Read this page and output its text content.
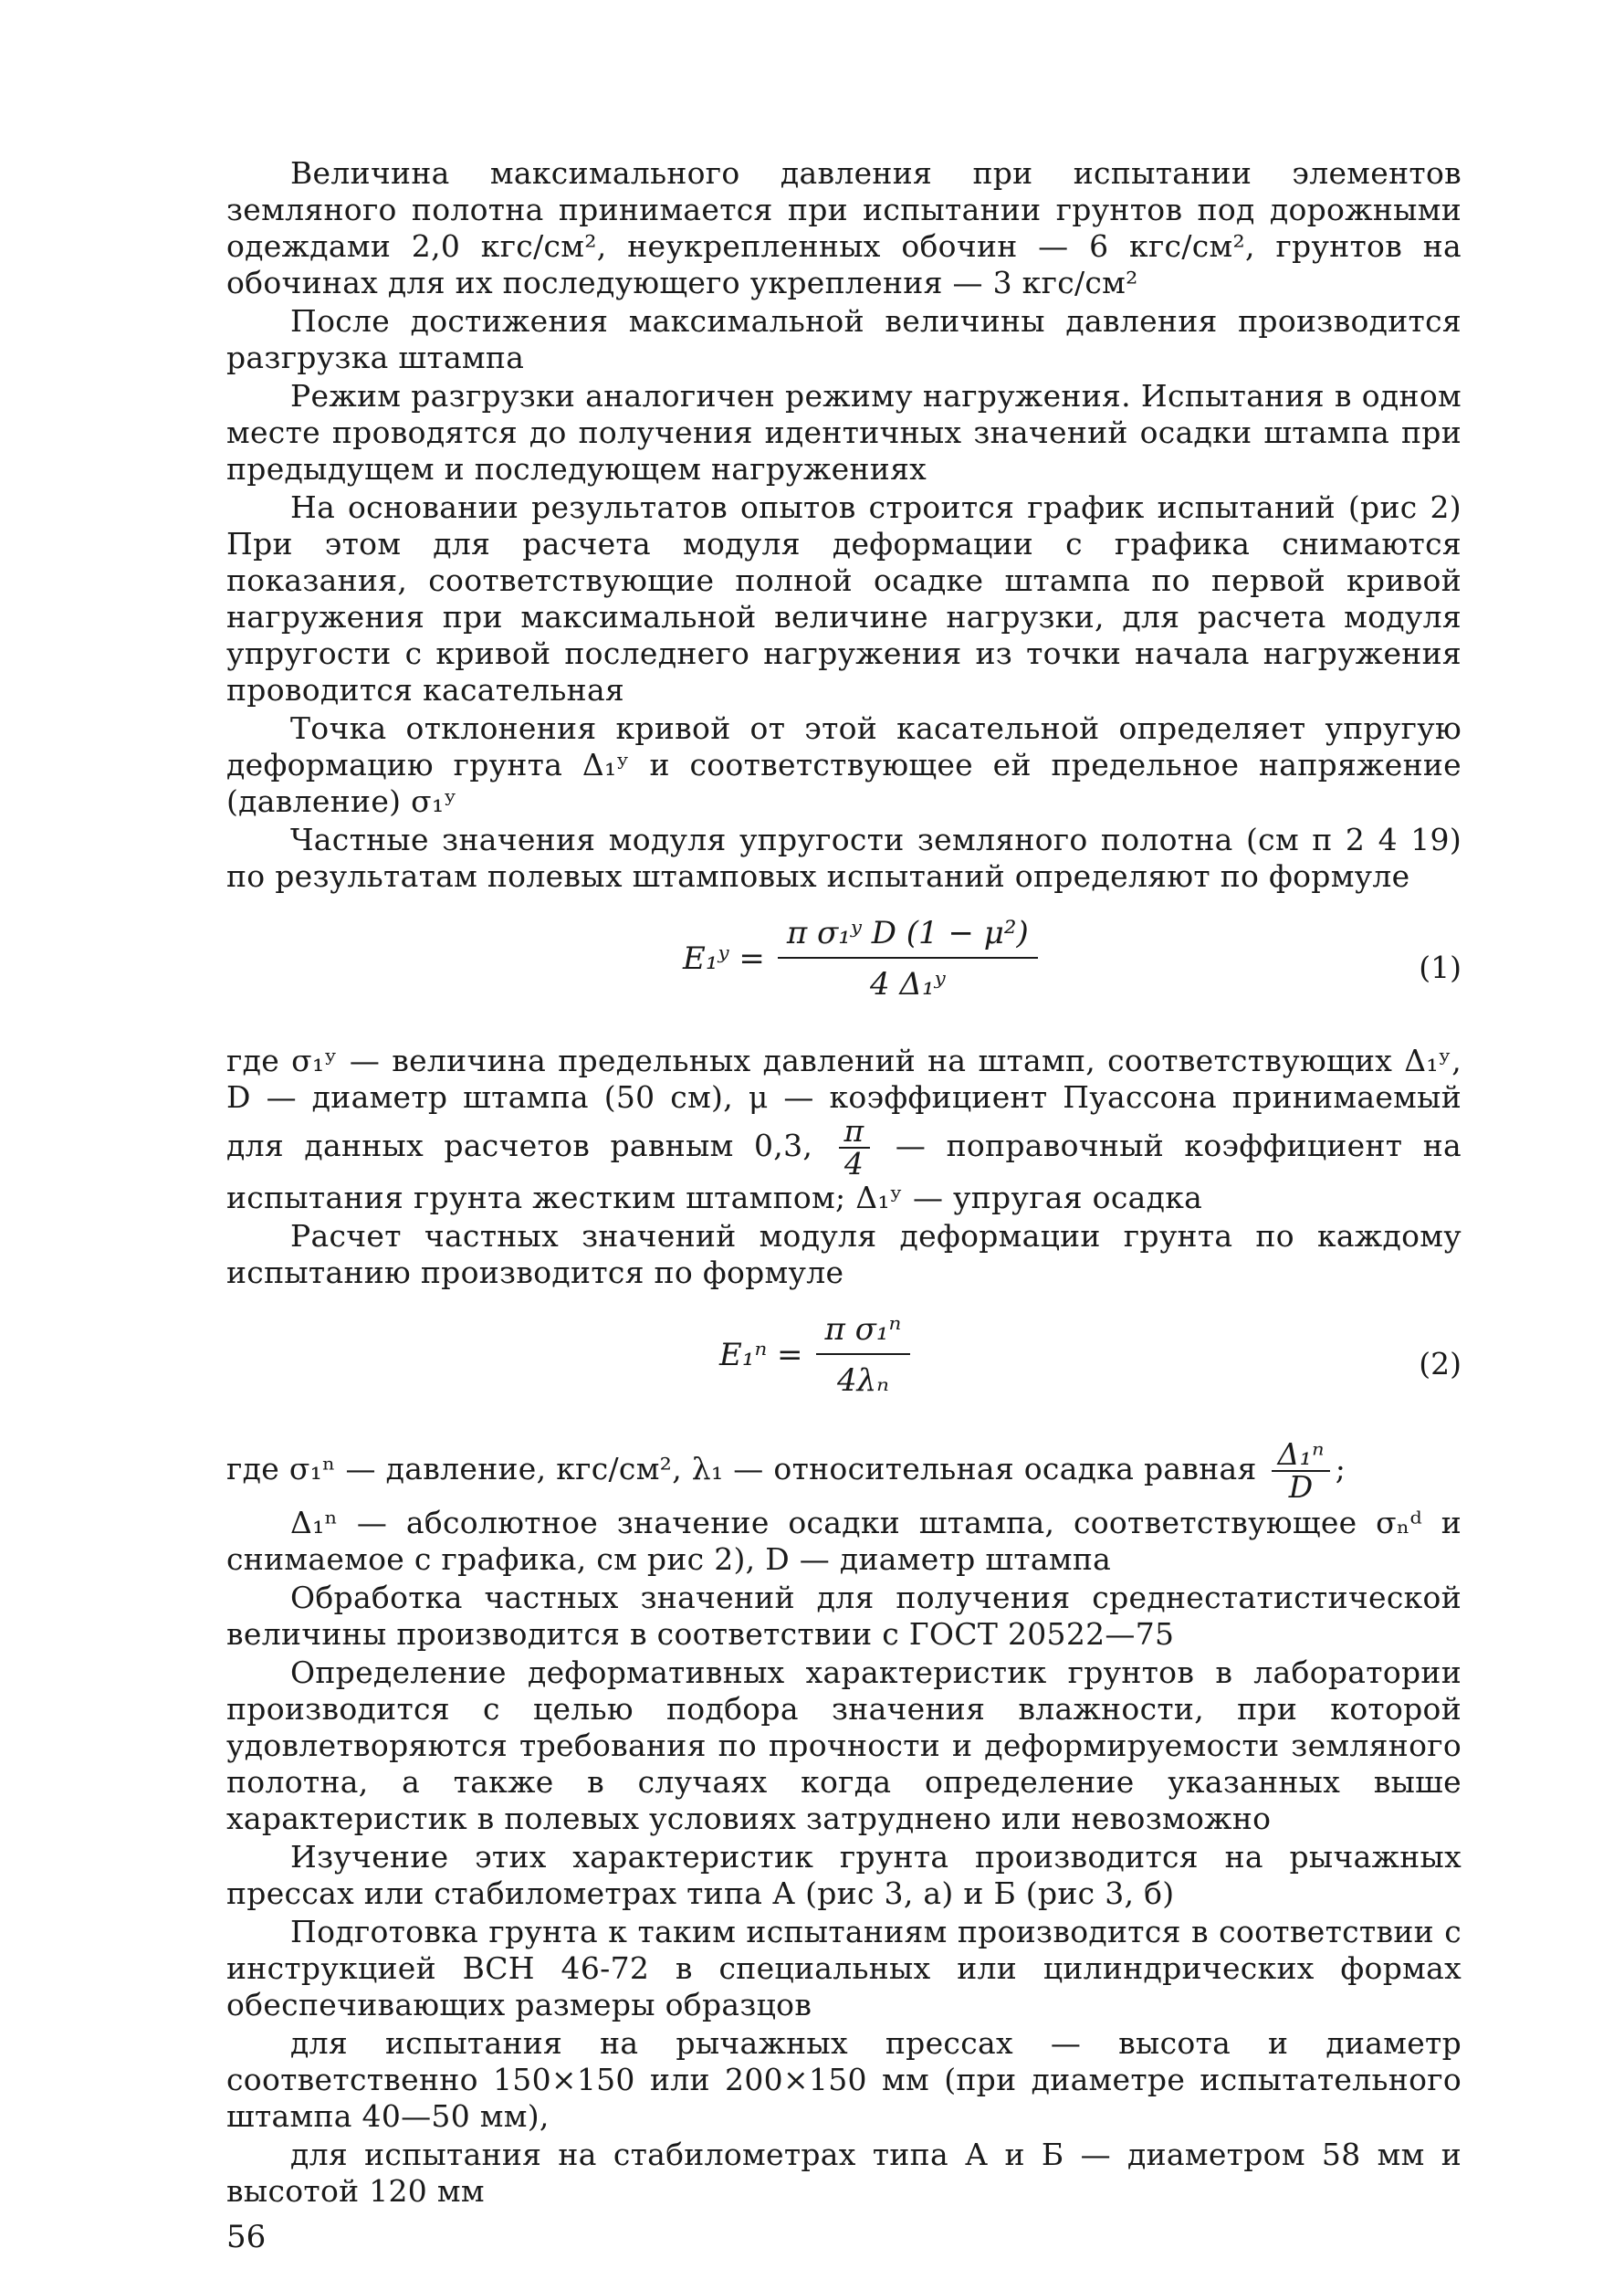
Величина максимального давления при испытании элементов земляного полотна принимается при испытании грунтов под дорожными одеждами 2,0 кгс/см², неукрепленных обочин — 6 кгс/см², грунтов на обочинах для их последующего укрепления — 3 кгс/см²

После достижения максимальной величины давления производится разгрузка штампа

Режим разгрузки аналогичен режиму нагружения. Испытания в одном месте проводятся до получения идентичных значений осадки штампа при предыдущем и последующем нагружениях

На основании результатов опытов строится график испытаний (рис 2) При этом для расчета модуля деформации с графика снимаются показания, соответствующие полной осадке штампа по первой кривой нагружения при максимальной величине нагрузки, для расчета модуля упругости с кривой последнего нагружения из точки начала нагружения проводится касательная

Точка отклонения кривой от этой касательной определяет упругую деформацию грунта Δ₁ʸ и соответствующее ей предельное напряжение (давление) σ₁ʸ

Частные значения модуля упругости земляного полотна (см п 2 4 19) по результатам полевых штамповых испытаний определяют по формуле

E₁ʸ = $\frac{\text{π σ₁ʸ D (1 − μ²)}}{\text{4 Δ₁ʸ}}$	(1)

где σ₁ʸ — величина предельных давлений на штамп, соответствующих Δ₁ʸ, D — диаметр штампа (50 см), μ — коэффициент Пуассона принимаемый для данных расчетов равным 0,3, $\frac{\pi}{4}$ — поправочный коэффициент на испытания грунта жестким штампом; Δ₁ʸ — упругая осадка

Расчет частных значений модуля деформации грунта по каждому испытанию производится по формуле

$E_1^n = \frac{\text{π σ₁ⁿ}}{\text{4λₙ}}$	(2)

где σ₁ⁿ — давление, кгс/см², λ₁ — относительная осадка равная $\frac{\text{Δ₁ⁿ}}{D}$ ;

Δ₁ⁿ — абсолютное значение осадки штампа, соответствующее σₙᵈ и снимаемое с графика, см рис 2), D — диаметр штампа

Обработка частных значений для получения среднестатистической величины производится в соответствии с ГОСТ 20522—75

Определение деформативных характеристик грунтов в лаборатории производится с целью подбора значения влажности, при которой удовлетворяются требования по прочности и деформируемости земляного полотна, а также в случаях когда определение указанных выше характеристик в полевых условиях затруднено или невозможно

Изучение этих характеристик грунта производится на рычажных прессах или стабилометрах типа А (рис 3, а) и Б (рис 3, б)

Подготовка грунта к таким испытаниям производится в соответствии с инструкцией ВСН 46-72 в специальных или цилиндрических формах обеспечивающих размеры образцов

для испытания на рычажных прессах — высота и диаметр соответственно 150×150 или 200×150 мм (при диаметре испытательного штампа 40—50 мм),

для испытания на стабилометрах типа А и Б — диаметром 58 мм и высотой 120 мм

56
